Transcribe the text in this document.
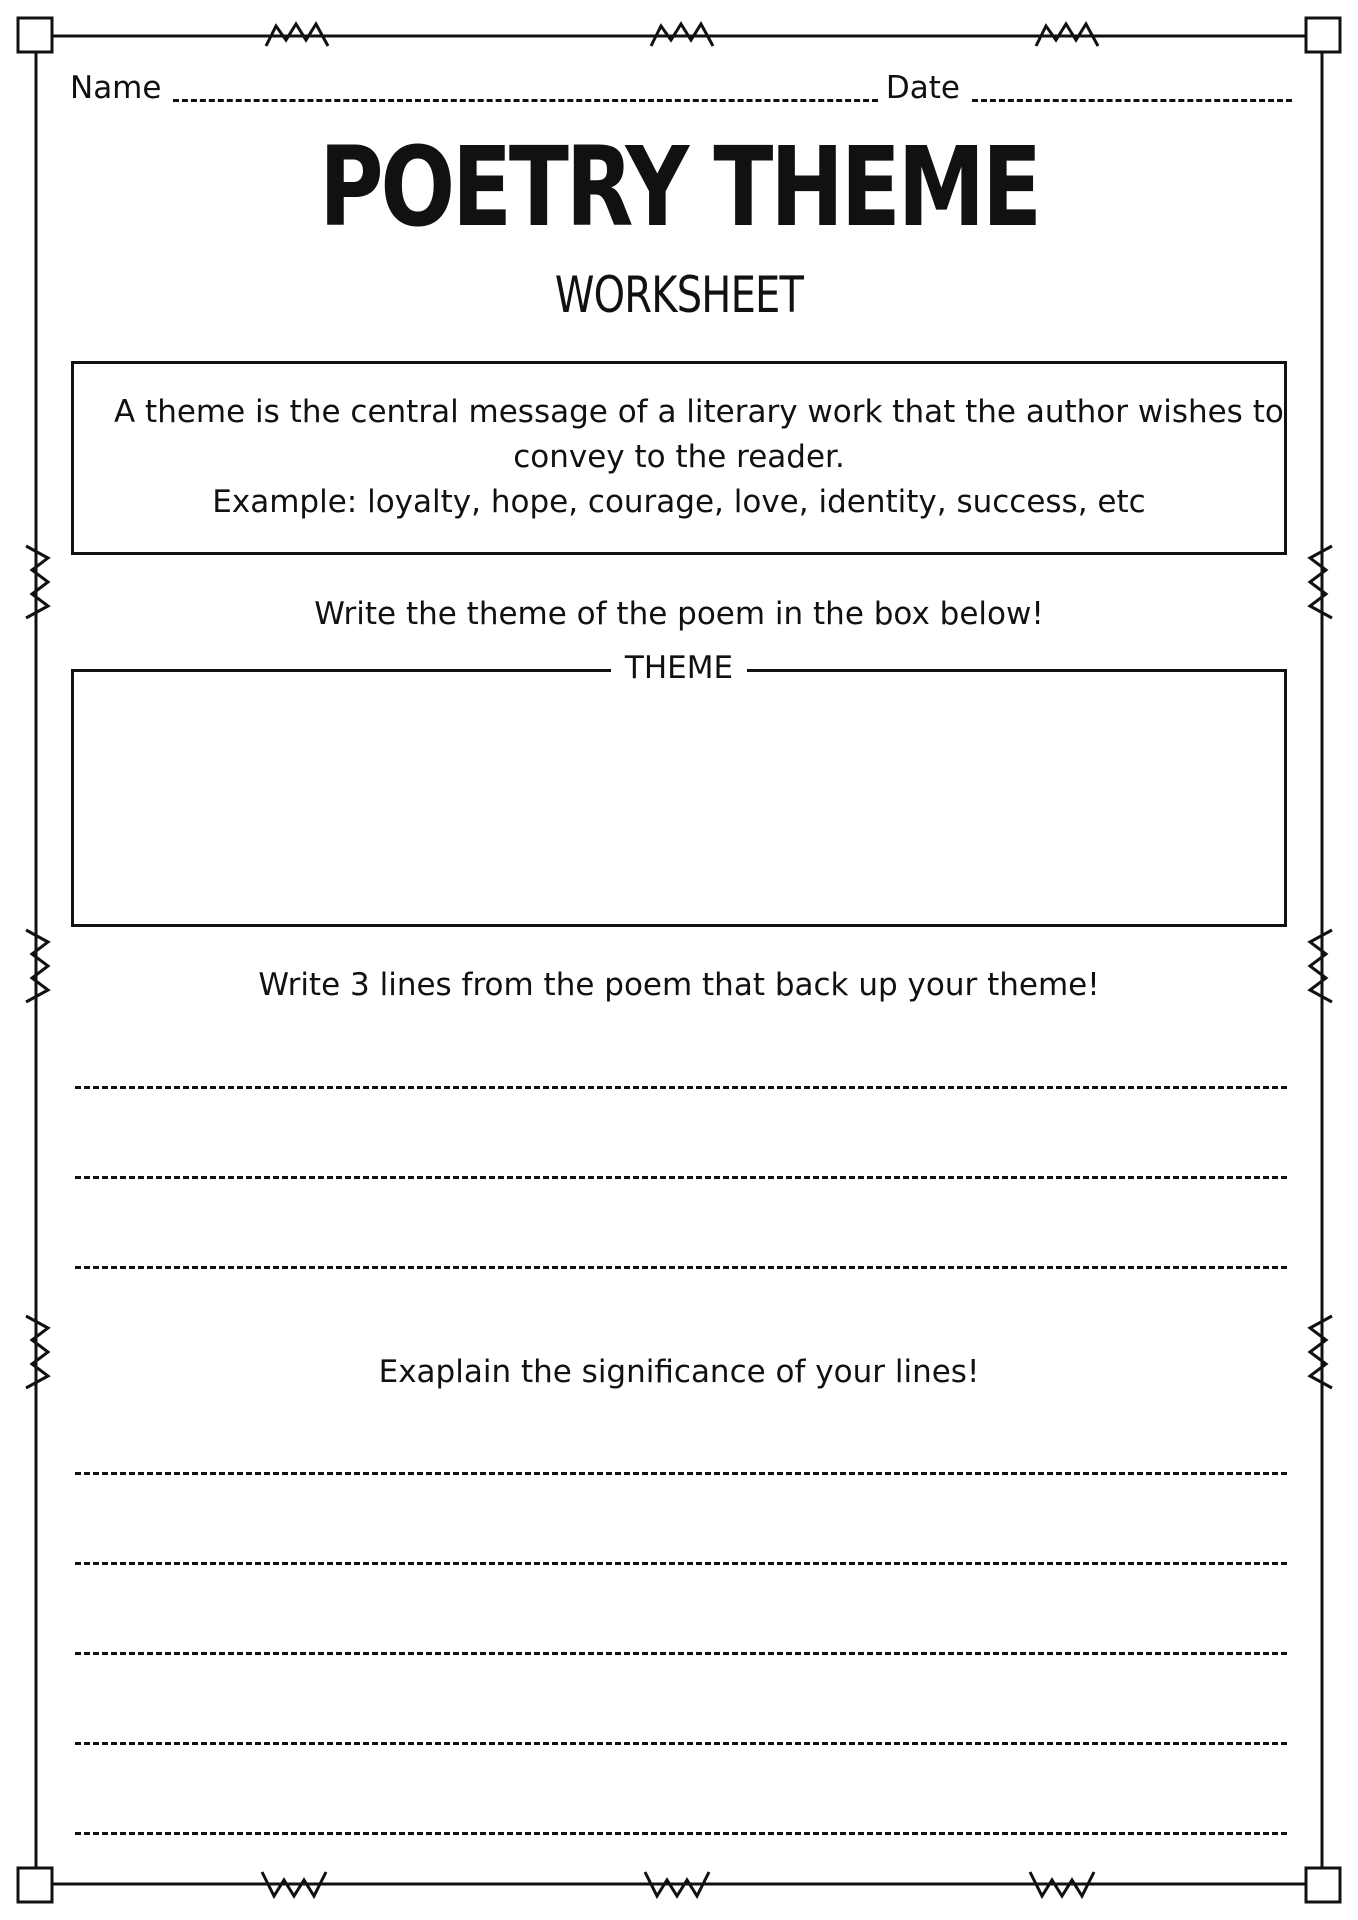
Name	Date
POETRY THEME
WORKSHEET
A theme is the central message of a literary work that the author wishes to
convey to the reader.
Example: loyalty, hope, courage, love, identity, success, etc
Write the theme of the poem in the box below!
THEME
Write 3 lines from the poem that back up your theme!
Exaplain the significance of your lines!
